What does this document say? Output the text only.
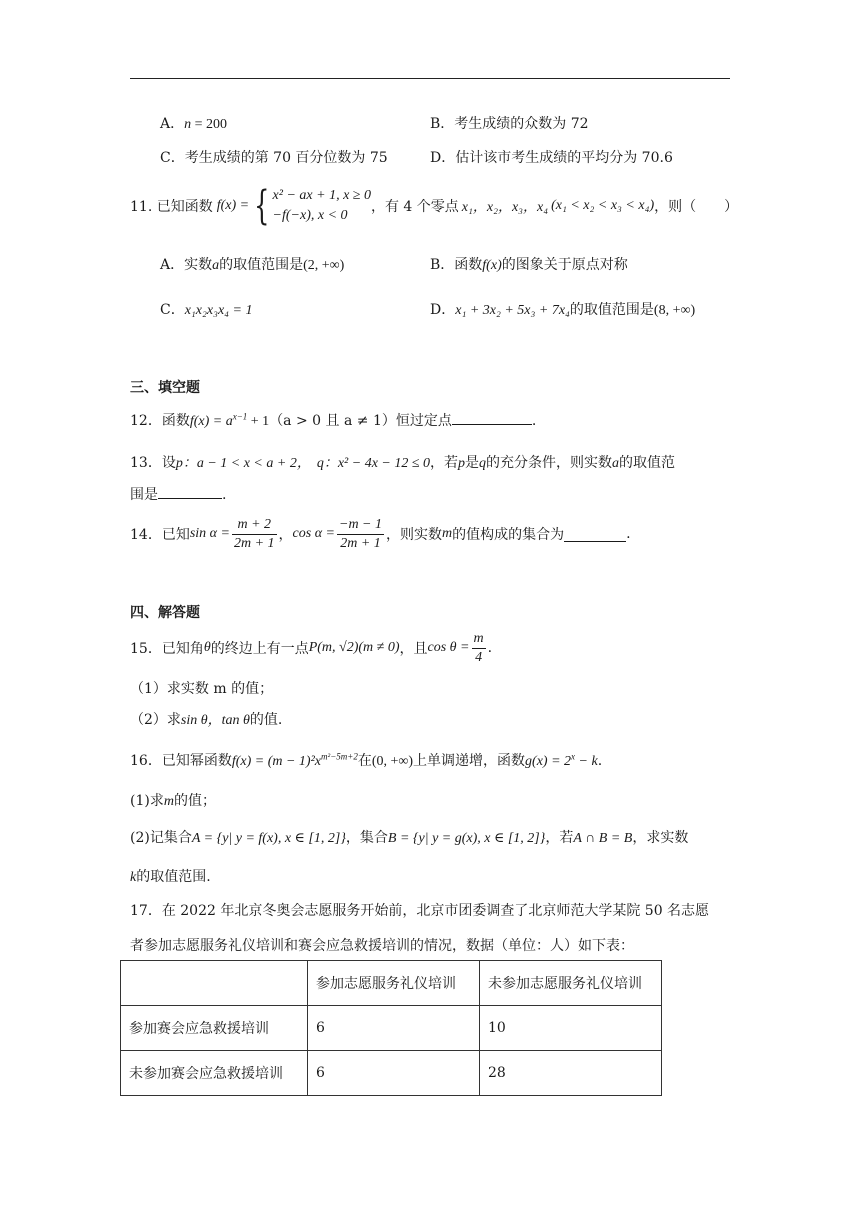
A．n = 200	B．考生成绩的众数为 72
C．考生成绩的第 70 百分位数为 75	D．估计该市考生成绩的平均分为 70.6
11. 已知函数 f(x) = { x² − ax + 1, x ≥ 0
−f(−x), x < 0
，有 4 个零点 x₁，x₂，x₃，x₄ (x₁ < x₂ < x₃ < x₄) ，则（　　）
A．实数a的取值范围是(2, +∞)	B．函数f(x)的图象关于原点对称
C．x₁x₂x₃x₄ = 1	D．x₁ + 3x₂ + 5x₃ + 7x₄的取值范围是(8, +∞)
三、填空题
12．函数$f(x) = a^{x-1} + 1(a > 0$ 且 a ≠ 1）恒过定点	.
13．设p：a − 1 < x < a + 2， q：x² − 4x − 12 ≤ 0，若p是q的充分条件，则实数a的取值范
围是	.
14．已知 $\sin \alpha = \frac{m + 2}{2m + 1}$ ， $\cos \alpha = \frac{-m - 1}{2m + 1}$ ，则实数 m 的值构成的集合为	.
四、解答题
15．已知角 θ 的终边上有一点 P(m, √2)(m ≠ 0) ，且 $\cos \theta = \frac{m}{4}$ .
（1）求实数 m 的值；
（2）求sin θ，tan θ的值.
16．已知幂函数$f(x) = (m - 1)^2x^{m^2-5m+2}$在(0, +∞)上单调递增，函数$g(x) = 2^x - k$.
(1)求m的值；
(2)记集合A = {y| y = f(x), x ∈ [1, 2]}，集合B = {y| y = g(x), x ∈ [1, 2]}，若A ∩ B = B，求实数
k的取值范围.
17．在 2022 年北京冬奥会志愿服务开始前，北京市团委调查了北京师范大学某院 50 名志愿
者参加志愿服务礼仪培训和赛会应急救援培训的情况，数据（单位：人）如下表：
	参加志愿服务礼仪培训	未参加志愿服务礼仪培训
参加赛会应急救援培训	6	10
未参加赛会应急救援培训	6	28
